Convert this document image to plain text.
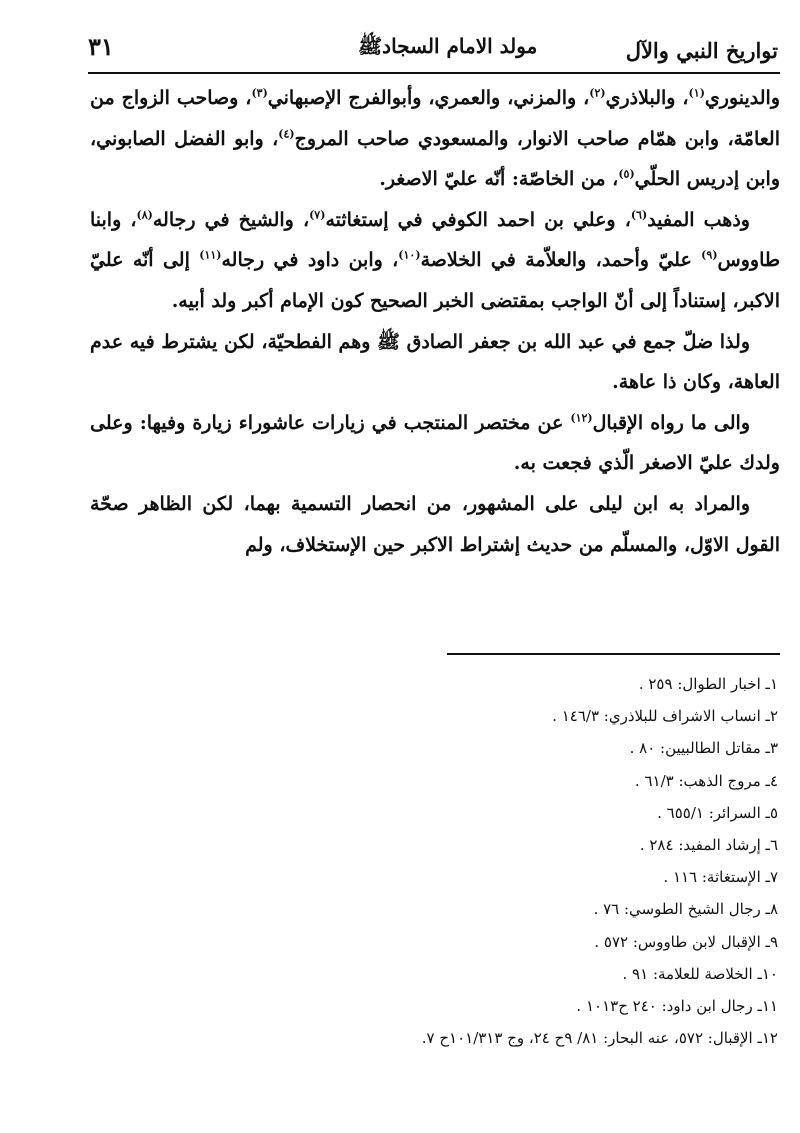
تواريخ النبي والآل
مولد الامام السجادﷺ
٣١

والدينوري$^{(١)}$، والبلاذري$^{(٢)}$، والمزني، والعمري، وأبوالفرج الإصبهاني$^{(٣)}$، وصاحب الزواج من العامّة، وابن همّام صاحب الانوار، والمسعودي صاحب المروج$^{(٤)}$، وابو الفضل الصابوني، وابن إدريس الحلّي$^{(٥)}$، من الخاصّة: أنّه عليّ الاصغر.

وذهب المفيد$^{(٦)}$، وعلي بن احمد الكوفي في إستغاثته$^{(٧)}$، والشيخ في رجاله$^{(٨)}$، وابنا طاووس$^{(٩)}$ عليّ وأحمد، والعلاّمة في الخلاصة$^{(١٠)}$، وابن داود في رجاله$^{(١١)}$ إلى أنّه عليّ الاكبر، إستناداً إلى أنّ الواجب بمقتضى الخبر الصحيح كون الإمام أكبر ولد أبيه.

ولذا ضلّ جمع في عبد الله بن جعفر الصادق ﷺ وهم الفطحيّة، لكن يشترط فيه عدم العاهة، وكان ذا عاهة.

والى ما رواه الإقبال$^{(١٢)}$ عن مختصر المنتجب في زيارات عاشوراء زيارة وفيها: وعلى ولدك عليّ الاصغر الّذي فجعت به.

والمراد به ابن ليلى على المشهور، من انحصار التسمية بهما، لكن الظاهر صحّة القول الاوّل، والمسلّم من حديث إشتراط الاكبر حين الإستخلاف، ولم

١ـ اخبار الطوال: ٢٥٩ .
٢ـ انساب الاشراف للبلاذري: ١٤٦/٣ .
٣ـ مقاتل الطالبيين: ٨٠ .
٤ـ مروج الذهب: ٦١/٣ .
٥ـ السرائر: ٦٥٥/١ .
٦ـ إرشاد المفيد: ٢٨٤ .
٧ـ الإستغاثة: ١١٦ .
٨ـ رجال الشيخ الطوسي: ٧٦ .
٩ـ الإقبال لابن طاووس: ٥٧٢ .
١٠ـ الخلاصة للعلامة: ٩١ .
١١ـ رجال ابن داود: ٢٤٠ ح١٠١٣ .
١٢ـ الإقبال: ٥٧٢، عنه البحار: ٨١/ ٩ح ٢٤، وج ١٠١/٣١٣ح ٧.
